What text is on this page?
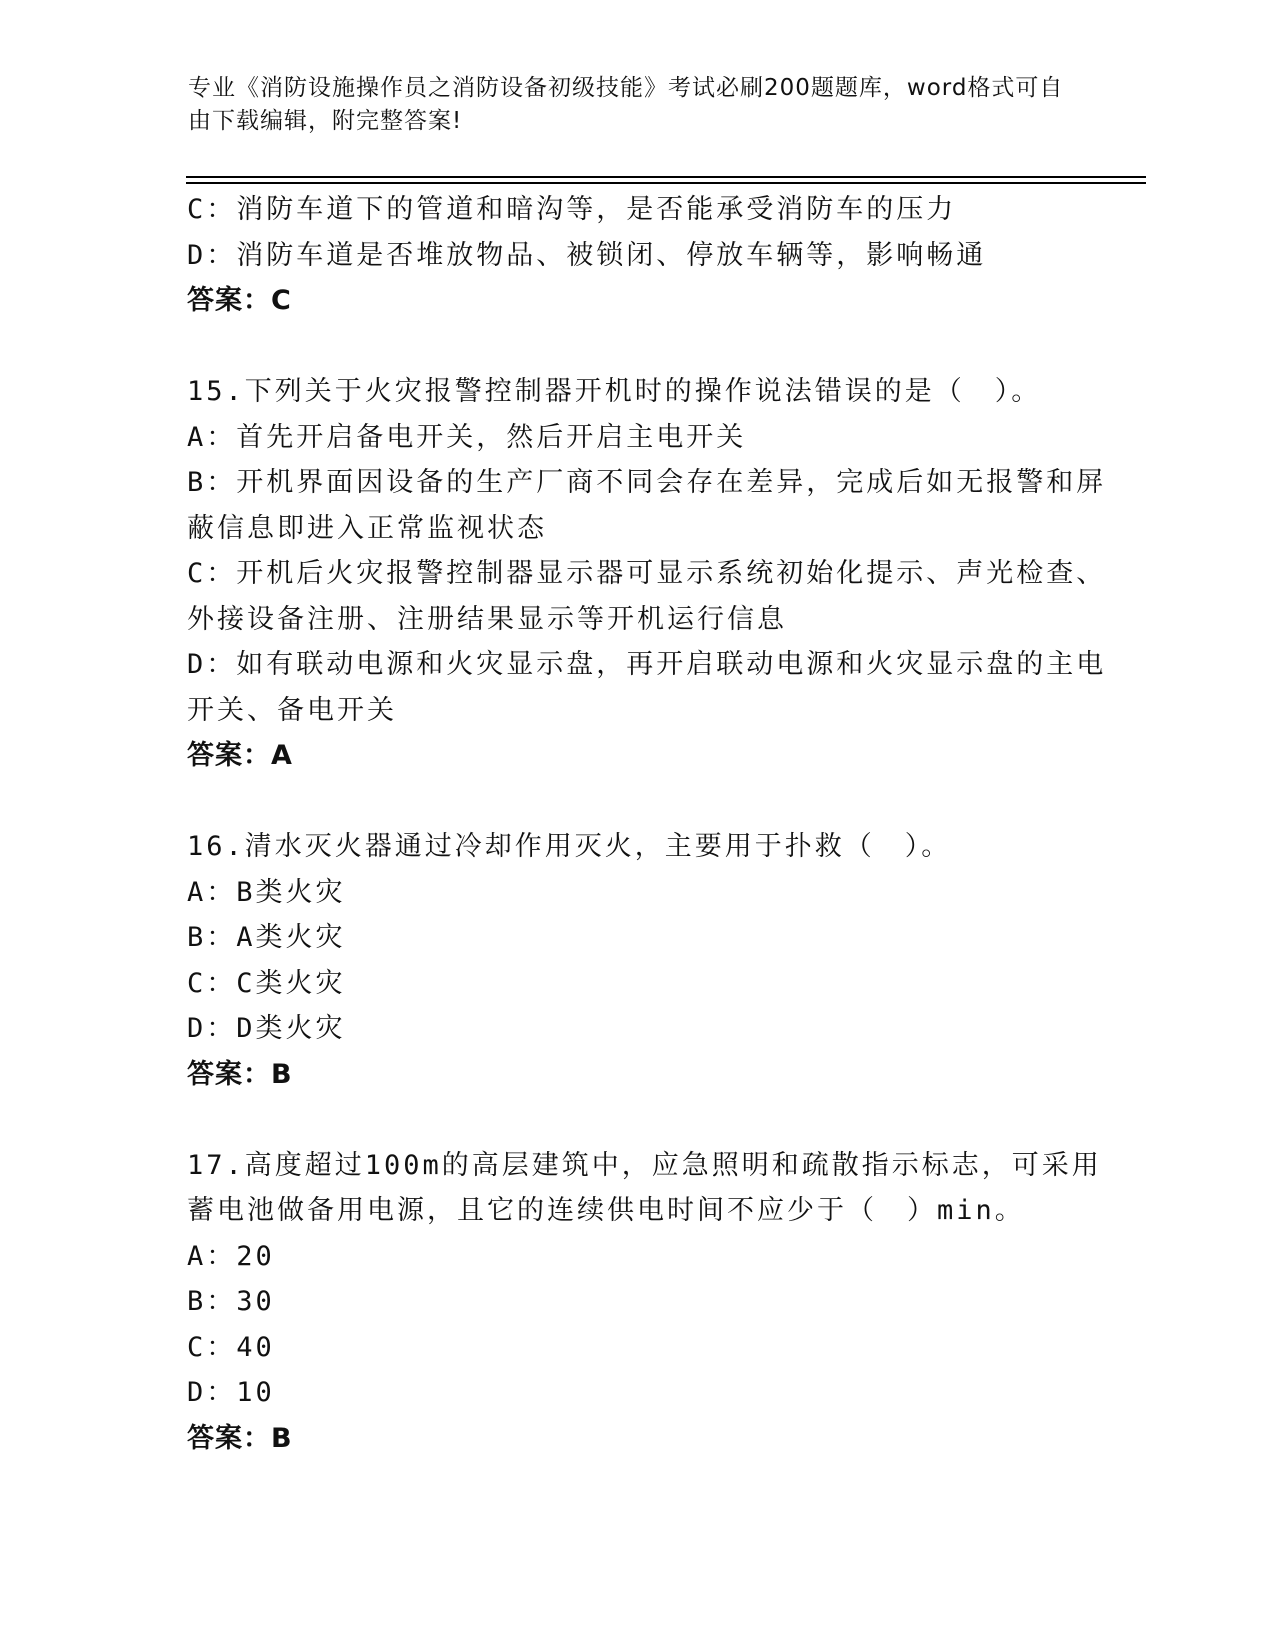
专业《消防设施操作员之消防设备初级技能》考试必刷200题题库，word格式可自由下载编辑，附完整答案!
C：消防车道下的管道和暗沟等，是否能承受消防车的压力
D：消防车道是否堆放物品、被锁闭、停放车辆等，影响畅通
答案：C
15.下列关于火灾报警控制器开机时的操作说法错误的是（　）。
A：首先开启备电开关，然后开启主电开关
B：开机界面因设备的生产厂商不同会存在差异，完成后如无报警和屏
蔽信息即进入正常监视状态
C：开机后火灾报警控制器显示器可显示系统初始化提示、声光检查、
外接设备注册、注册结果显示等开机运行信息
D：如有联动电源和火灾显示盘，再开启联动电源和火灾显示盘的主电
开关、备电开关
答案：A
16.清水灭火器通过冷却作用灭火，主要用于扑救（　）。
A：B类火灾
B：A类火灾
C：C类火灾
D：D类火灾
答案：B
17.高度超过100m的高层建筑中，应急照明和疏散指示标志，可采用
蓄电池做备用电源，且它的连续供电时间不应少于（　）min。
A：20
B：30
C：40
D：10
答案：B
